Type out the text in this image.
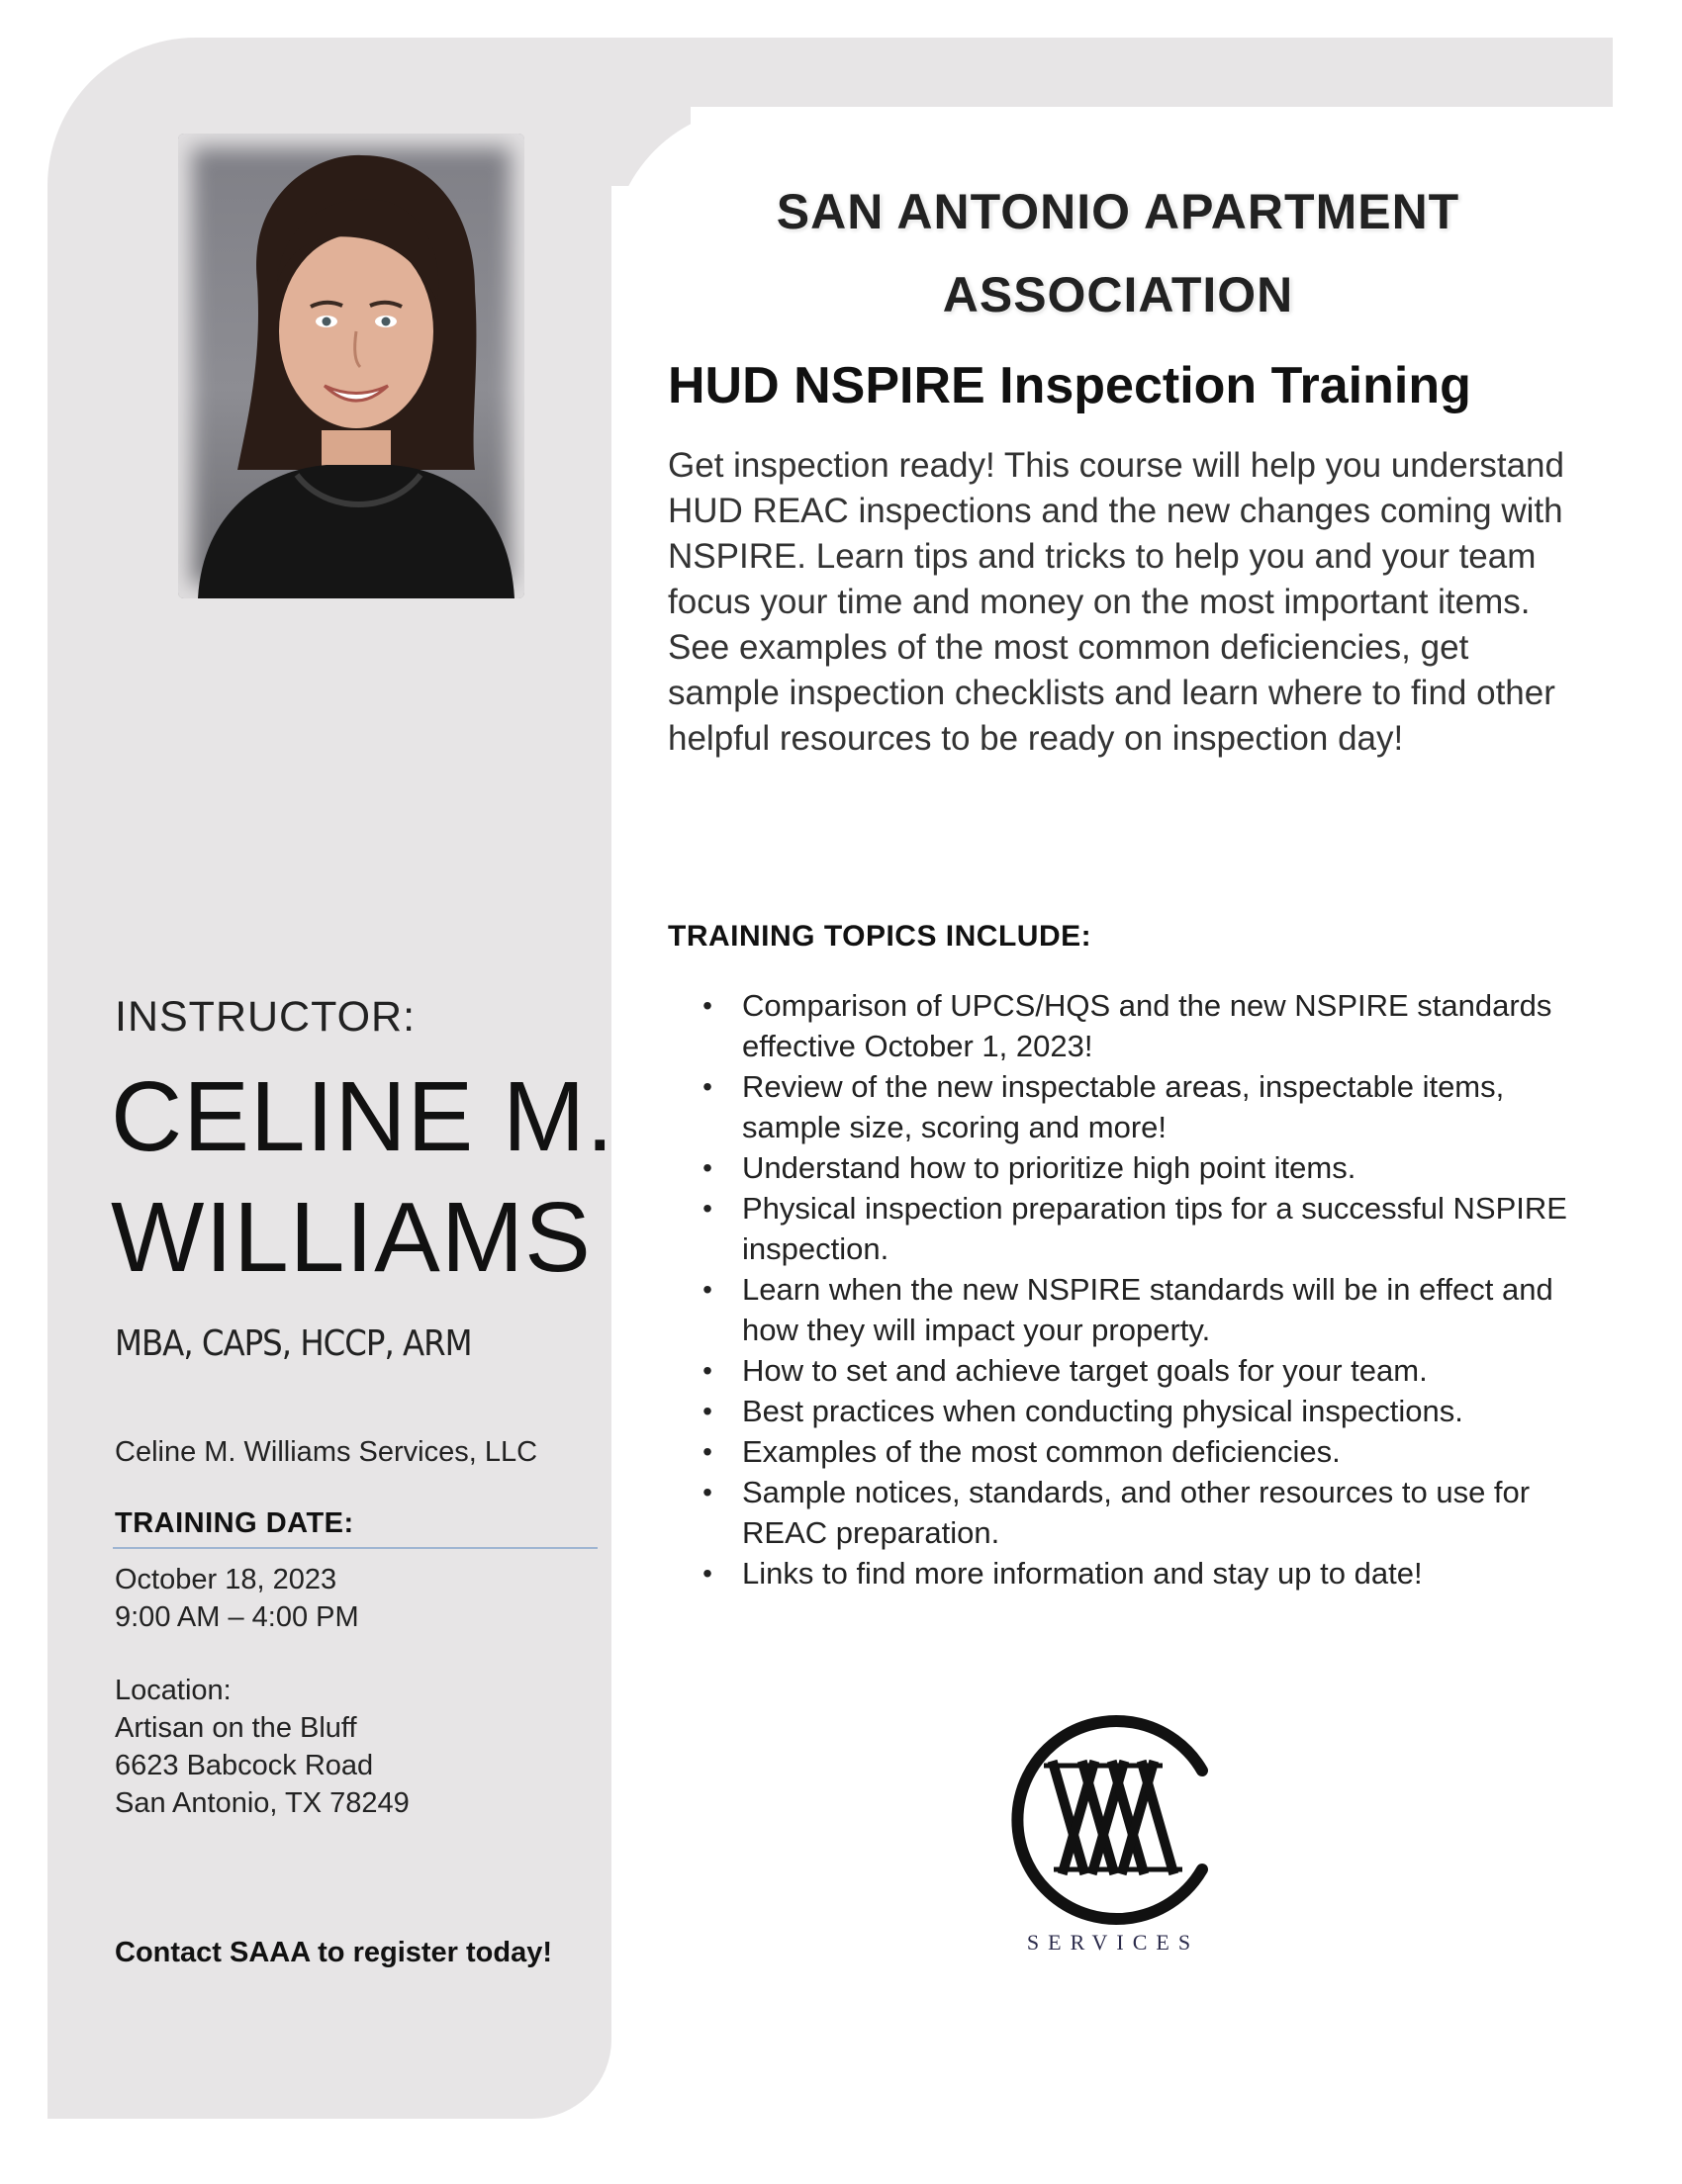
INSTRUCTOR:
CELINE M.
WILLIAMS
MBA, CAPS, HCCP, ARM
Celine M. Williams Services, LLC
TRAINING DATE:
October 18, 2023
9:00 AM – 4:00 PM
Location:
Artisan on the Bluff
6623 Babcock Road
San Antonio, TX 78249
Contact SAAA to register today!
SAN ANTONIO APARTMENT
ASSOCIATION
HUD NSPIRE Inspection Training
Get inspection ready! This course will help you understand HUD REAC inspections and the new changes coming with NSPIRE. Learn tips and tricks to help you and your team focus your time and money on the most important items. See examples of the most common deficiencies, get sample inspection checklists and learn where to find other helpful resources to be ready on inspection day!
TRAINING TOPICS INCLUDE:
• Comparison of UPCS/HQS and the new NSPIRE standards effective October 1, 2023!
• Review of the new inspectable areas, inspectable items, sample size, scoring and more!
• Understand how to prioritize high point items.
• Physical inspection preparation tips for a successful NSPIRE inspection.
• Learn when the new NSPIRE standards will be in effect and how they will impact your property.
• How to set and achieve target goals for your team.
• Best practices when conducting physical inspections.
• Examples of the most common deficiencies.
• Sample notices, standards, and other resources to use for REAC preparation.
• Links to find more information and stay up to date!
SERVICES
